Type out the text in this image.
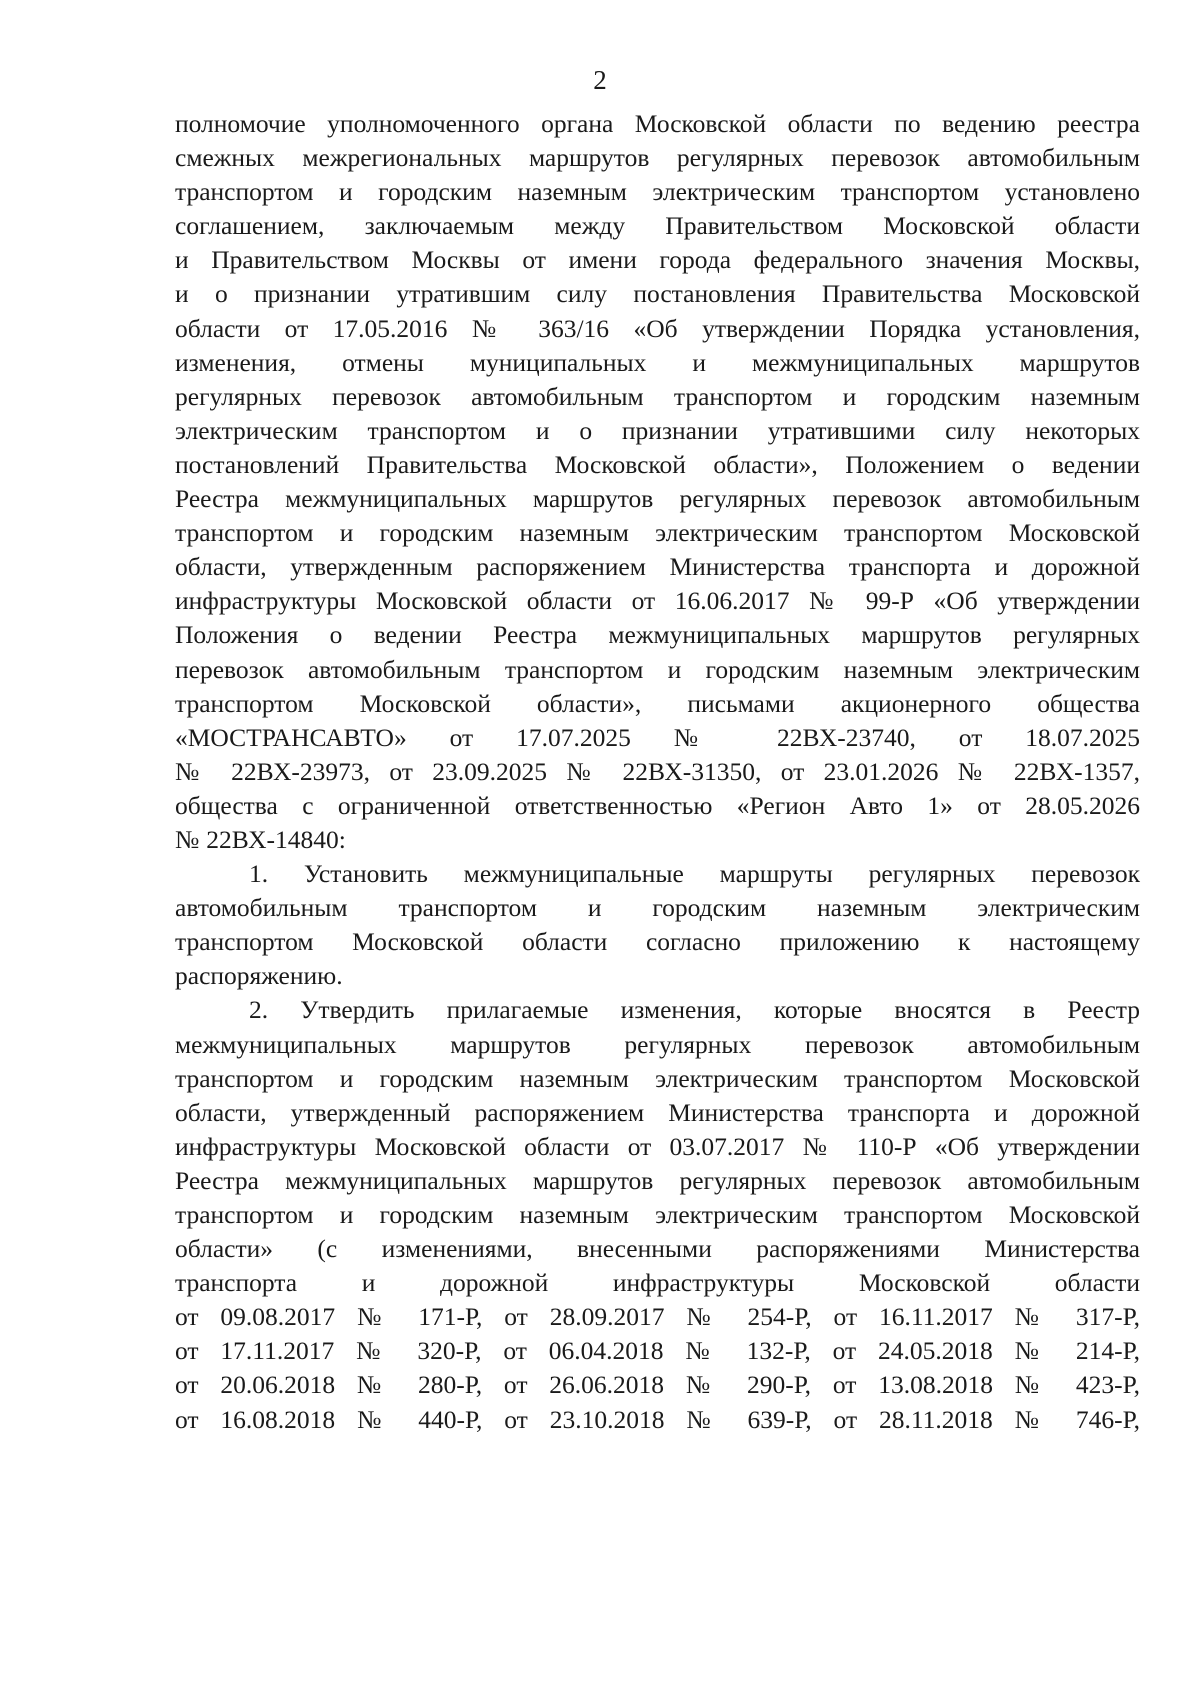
2
полномочие уполномоченного органа Московской области по ведению реестра
смежных межрегиональных маршрутов регулярных перевозок автомобильным
транспортом и городским наземным электрическим транспортом установлено
соглашением, заключаемым между Правительством Московской области
и Правительством Москвы от имени города федерального значения Москвы,
и о признании утратившим силу постановления Правительства Московской
области от 17.05.2016 № 363/16 «Об утверждении Порядка установления,
изменения, отмены муниципальных и межмуниципальных маршрутов
регулярных перевозок автомобильным транспортом и городским наземным
электрическим транспортом и о признании утратившими силу некоторых
постановлений Правительства Московской области», Положением о ведении
Реестра межмуниципальных маршрутов регулярных перевозок автомобильным
транспортом и городским наземным электрическим транспортом Московской
области, утвержденным распоряжением Министерства транспорта и дорожной
инфраструктуры Московской области от 16.06.2017 № 99-Р «Об утверждении
Положения о ведении Реестра межмуниципальных маршрутов регулярных
перевозок автомобильным транспортом и городским наземным электрическим
транспортом Московской области», письмами акционерного общества
«МОСТРАНСАВТО» от 17.07.2025 № 22ВХ-23740, от 18.07.2025
№ 22ВХ-23973, от 23.09.2025 № 22ВХ-31350, от 23.01.2026 № 22ВХ-1357,
общества с ограниченной ответственностью «Регион Авто 1» от 28.05.2026
№ 22ВХ-14840:
1. Установить межмуниципальные маршруты регулярных перевозок
автомобильным транспортом и городским наземным электрическим
транспортом Московской области согласно приложению к настоящему
распоряжению.
2. Утвердить прилагаемые изменения, которые вносятся в Реестр
межмуниципальных маршрутов регулярных перевозок автомобильным
транспортом и городским наземным электрическим транспортом Московской
области, утвержденный распоряжением Министерства транспорта и дорожной
инфраструктуры Московской области от 03.07.2017 № 110-Р «Об утверждении
Реестра межмуниципальных маршрутов регулярных перевозок автомобильным
транспортом и городским наземным электрическим транспортом Московской
области» (с изменениями, внесенными распоряжениями Министерства
транспорта и дорожной инфраструктуры Московской области
от 09.08.2017 № 171-Р, от 28.09.2017 № 254-Р, от 16.11.2017 № 317-Р,
от 17.11.2017 № 320-Р, от 06.04.2018 № 132-Р, от 24.05.2018 № 214-Р,
от 20.06.2018 № 280-Р, от 26.06.2018 № 290-Р, от 13.08.2018 № 423-Р,
от 16.08.2018 № 440-Р, от 23.10.2018 № 639-Р, от 28.11.2018 № 746-Р,
